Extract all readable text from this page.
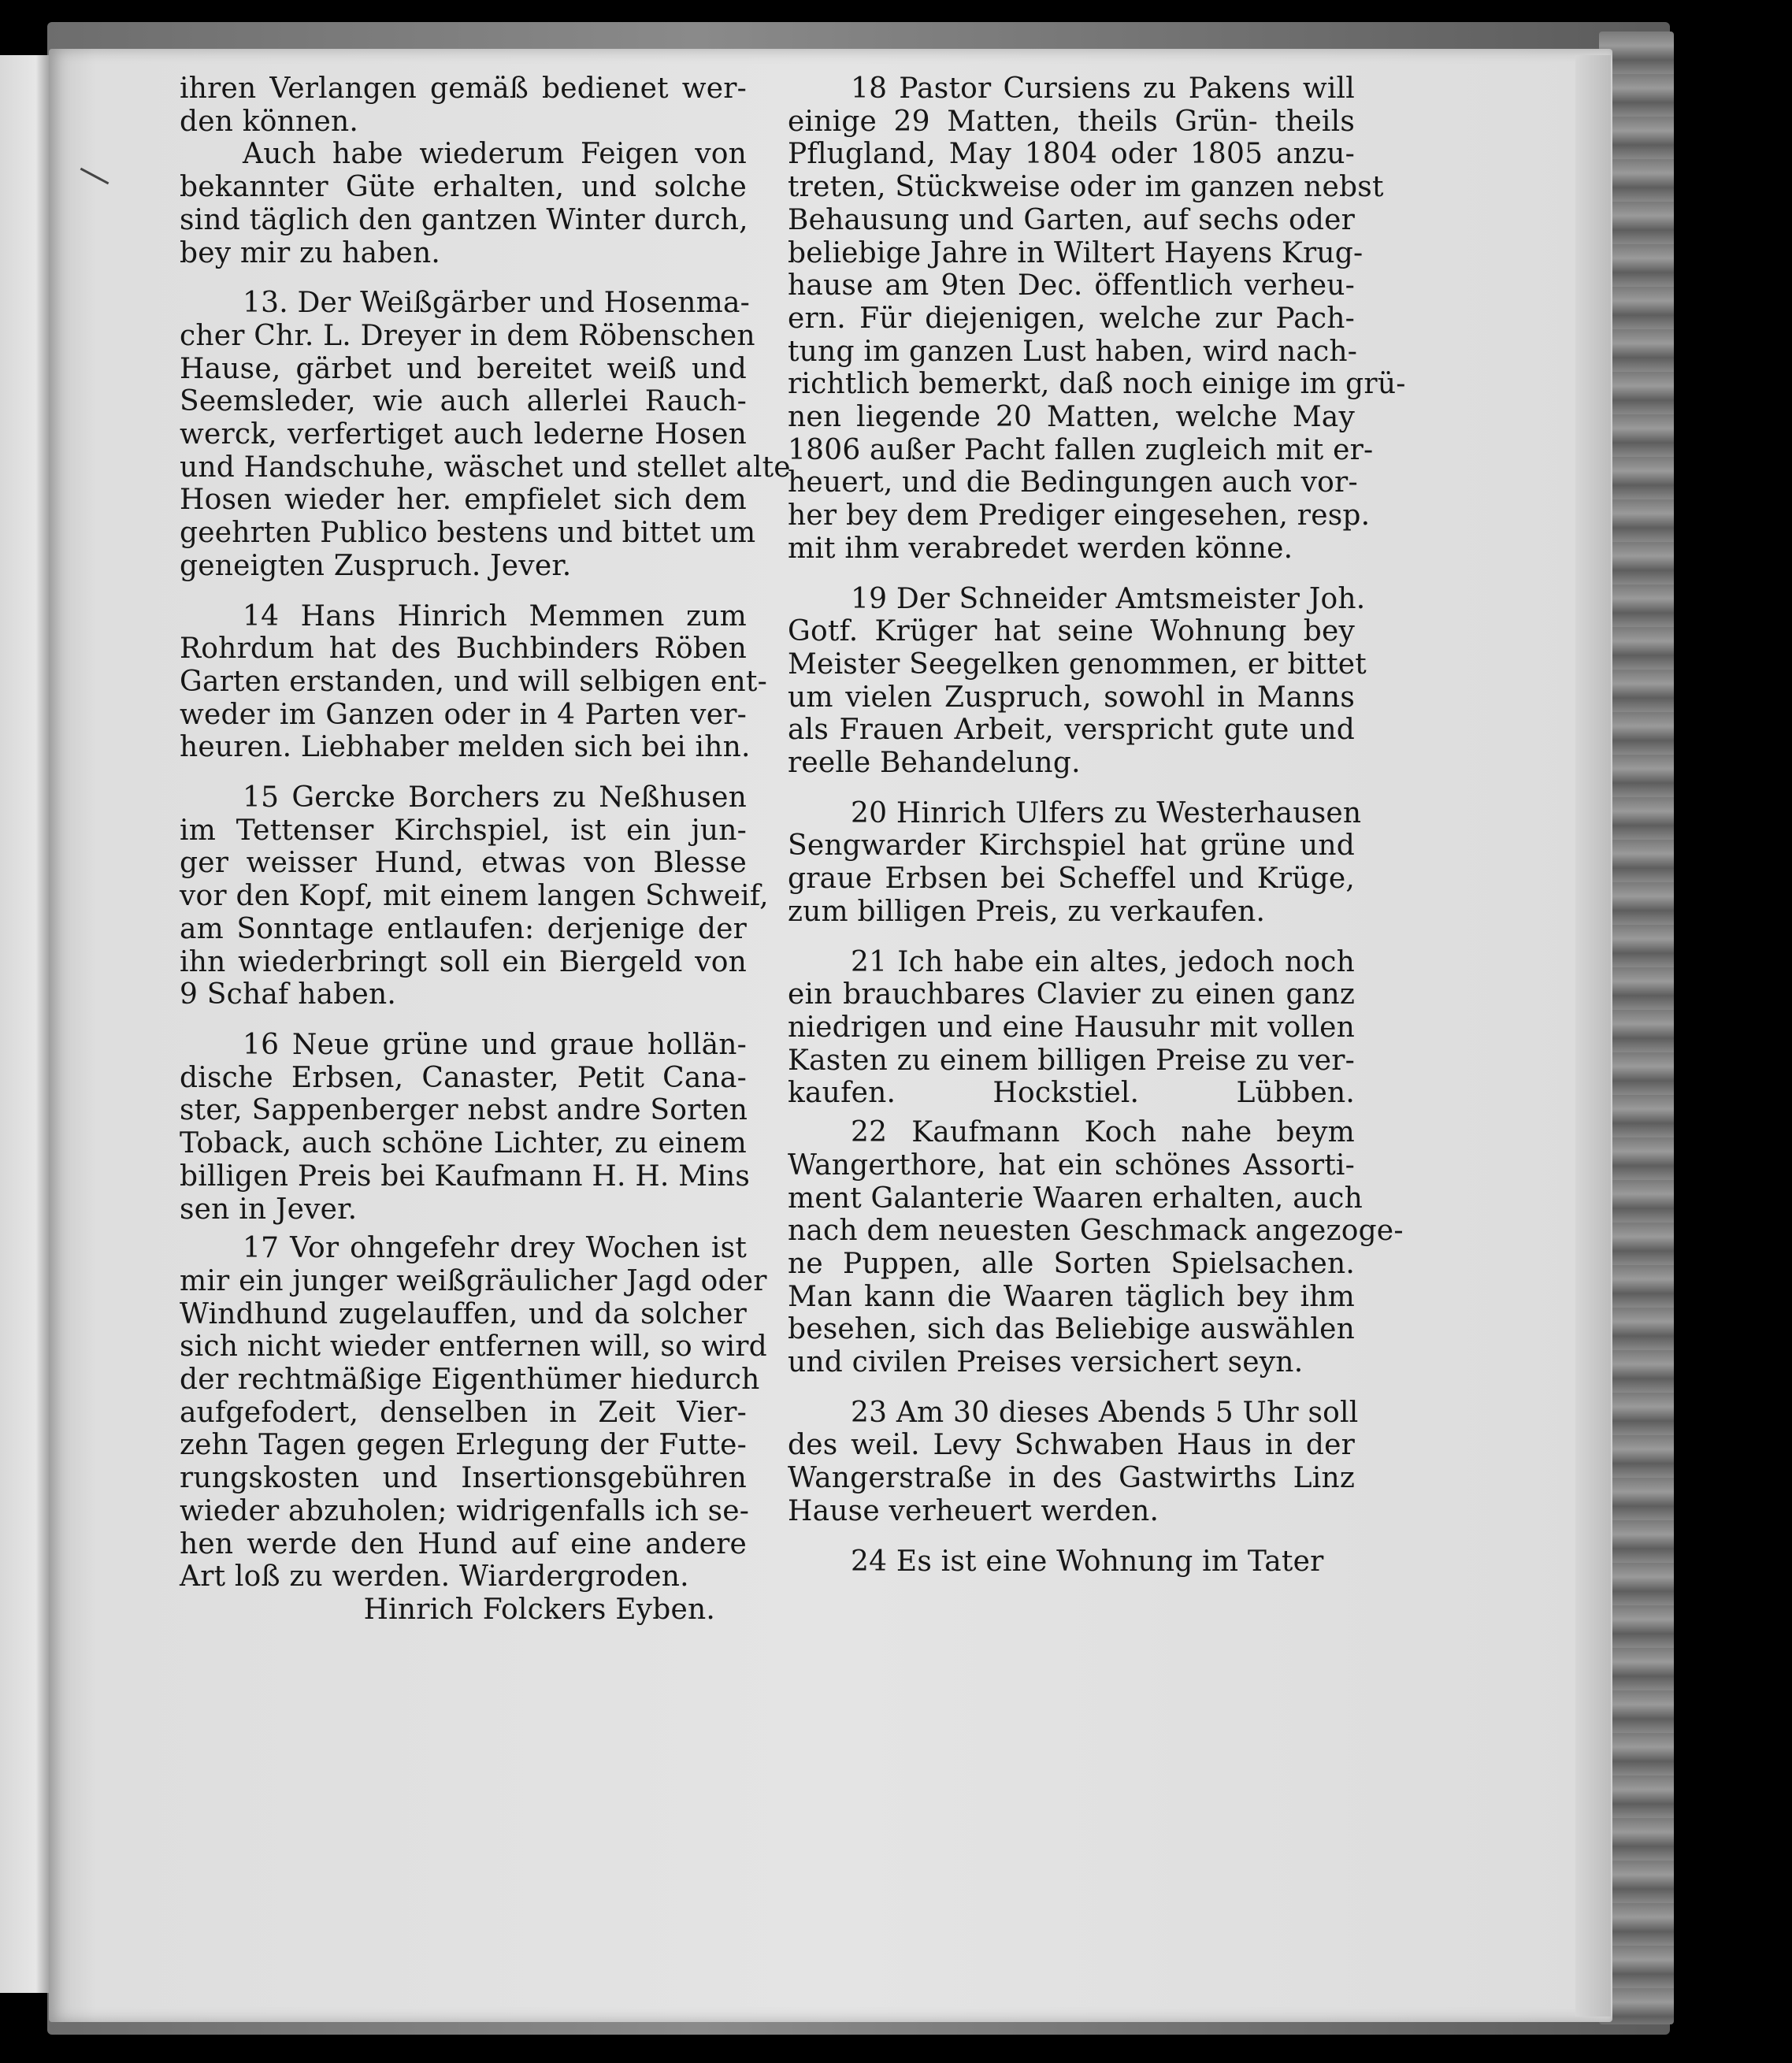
ihren Verlangen gemäß bedienet wer-
den können.
Auch habe wiederum Feigen von
bekannter Güte erhalten, und solche
sind täglich den gantzen Winter durch,
bey mir zu haben.
13. Der Weißgärber und Hosenma-
cher Chr. L. Dreyer in dem Röbenschen
Hause, gärbet und bereitet weiß und
Seemsleder, wie auch allerlei Rauch-
werck, verfertiget auch lederne Hosen
und Handschuhe, wäschet und stellet alte
Hosen wieder her. empfielet sich dem
geehrten Publico bestens und bittet um
geneigten Zuspruch. Jever.
14 Hans Hinrich Memmen zum
Rohrdum hat des Buchbinders Röben
Garten erstanden, und will selbigen ent-
weder im Ganzen oder in 4 Parten ver-
heuren. Liebhaber melden sich bei ihn.
15 Gercke Borchers zu Neßhusen
im Tettenser Kirchspiel, ist ein jun-
ger weisser Hund, etwas von Blesse
vor den Kopf, mit einem langen Schweif,
am Sonntage entlaufen: derjenige der
ihn wiederbringt soll ein Biergeld von
9 Schaf haben.
16 Neue grüne und graue hollän-
dische Erbsen, Canaster, Petit Cana-
ster, Sappenberger nebst andre Sorten
Toback, auch schöne Lichter, zu einem
billigen Preis bei Kaufmann H. H. Mins
sen in Jever.
17 Vor ohngefehr drey Wochen ist
mir ein junger weißgräulicher Jagd oder
Windhund zugelauffen, und da solcher
sich nicht wieder entfernen will, so wird
der rechtmäßige Eigenthümer hiedurch
aufgefodert, denselben in Zeit Vier-
zehn Tagen gegen Erlegung der Futte-
rungskosten und Insertionsgebühren
wieder abzuholen; widrigenfalls ich se-
hen werde den Hund auf eine andere
Art loß zu werden. Wiardergroden.
Hinrich Folckers Eyben.
18 Pastor Cursiens zu Pakens will
einige 29 Matten, theils Grün- theils
Pflugland, May 1804 oder 1805 anzu-
treten, Stückweise oder im ganzen nebst
Behausung und Garten, auf sechs oder
beliebige Jahre in Wiltert Hayens Krug-
hause am 9ten Dec. öffentlich verheu-
ern. Für diejenigen, welche zur Pach-
tung im ganzen Lust haben, wird nach-
richtlich bemerkt, daß noch einige im grü-
nen liegende 20 Matten, welche May
1806 außer Pacht fallen zugleich mit er-
heuert, und die Bedingungen auch vor-
her bey dem Prediger eingesehen, resp.
mit ihm verabredet werden könne.
19 Der Schneider Amtsmeister Joh.
Gotf. Krüger hat seine Wohnung bey
Meister Seegelken genommen, er bittet
um vielen Zuspruch, sowohl in Manns
als Frauen Arbeit, verspricht gute und
reelle Behandelung.
20 Hinrich Ulfers zu Westerhausen
Sengwarder Kirchspiel hat grüne und
graue Erbsen bei Scheffel und Krüge,
zum billigen Preis, zu verkaufen.
21 Ich habe ein altes, jedoch noch
ein brauchbares Clavier zu einen ganz
niedrigen und eine Hausuhr mit vollen
Kasten zu einem billigen Preise zu ver-
kaufen. Hockstiel. Lübben.
22 Kaufmann Koch nahe beym
Wangerthore, hat ein schönes Assorti-
ment Galanterie Waaren erhalten, auch
nach dem neuesten Geschmack angezoge-
ne Puppen, alle Sorten Spielsachen.
Man kann die Waaren täglich bey ihm
besehen, sich das Beliebige auswählen
und civilen Preises versichert seyn.
23 Am 30 dieses Abends 5 Uhr soll
des weil. Levy Schwaben Haus in der
Wangerstraße in des Gastwirths Linz
Hause verheuert werden.
24 Es ist eine Wohnung im Tater
